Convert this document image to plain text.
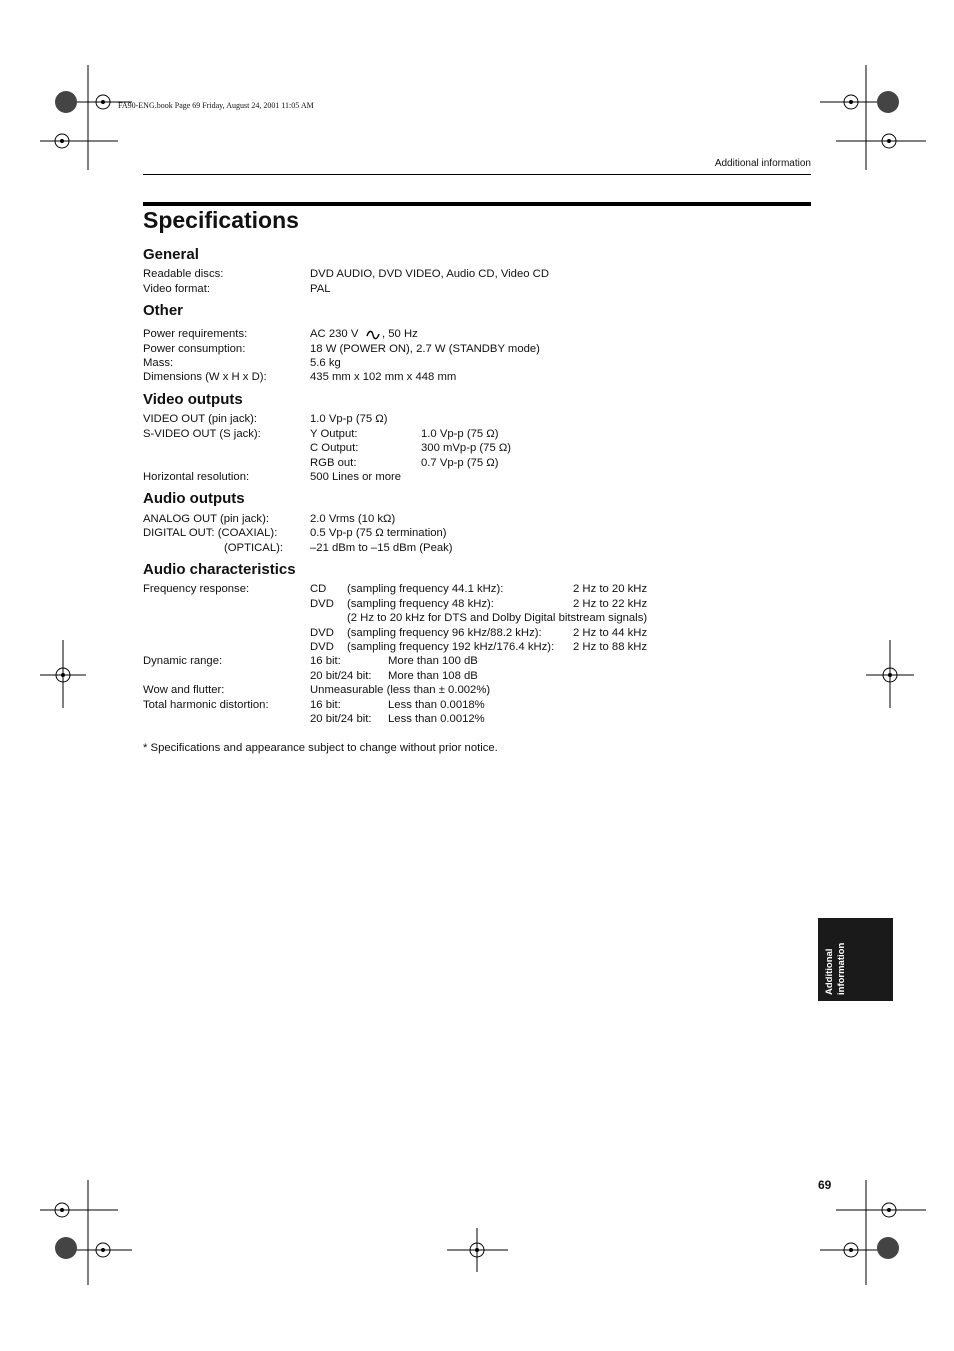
FA90-ENG.book Page 69 Friday, August 24, 2001 11:05 AM
Additional information
Specifications
General
Readable discs:	DVD AUDIO, DVD VIDEO, Audio CD, Video CD
Video format:	PAL
Other
Power requirements:	AC 230 V , 50 Hz
Power consumption:	18 W (POWER ON), 2.7 W (STANDBY mode)
Mass:	5.6 kg
Dimensions (W x H x D):	435 mm x 102 mm x 448 mm
Video outputs
VIDEO OUT (pin jack):	1.0 Vp-p (75 Ω)
S-VIDEO OUT (S jack):	Y Output:	1.0 Vp-p (75 Ω)
C Output:	300 mVp-p (75 Ω)
RGB out:	0.7 Vp-p (75 Ω)
Horizontal resolution:	500 Lines or more
Audio outputs
ANALOG OUT (pin jack):	2.0 Vrms (10 kΩ)
DIGITAL OUT: (COAXIAL):	0.5 Vp-p (75 Ω termination)
(OPTICAL): –21 dBm to –15 dBm (Peak)
Audio characteristics
Frequency response:	CD (sampling frequency 44.1 kHz):	2 Hz to 20 kHz
DVD (sampling frequency 48 kHz):	2 Hz to 22 kHz
(2 Hz to 20 kHz for DTS and Dolby Digital bitstream signals)
DVD (sampling frequency 96 kHz/88.2 kHz):	2 Hz to 44 kHz
DVD (sampling frequency 192 kHz/176.4 kHz): 2 Hz to 88 kHz
Dynamic range:	16 bit:	More than 100 dB
20 bit/24 bit: More than 108 dB
Wow and flutter:	Unmeasurable (less than ± 0.002%)
Total harmonic distortion:	16 bit:	Less than 0.0018%
20 bit/24 bit: Less than 0.0012%
* Specifications and appearance subject to change without prior notice.
Additional information
69
